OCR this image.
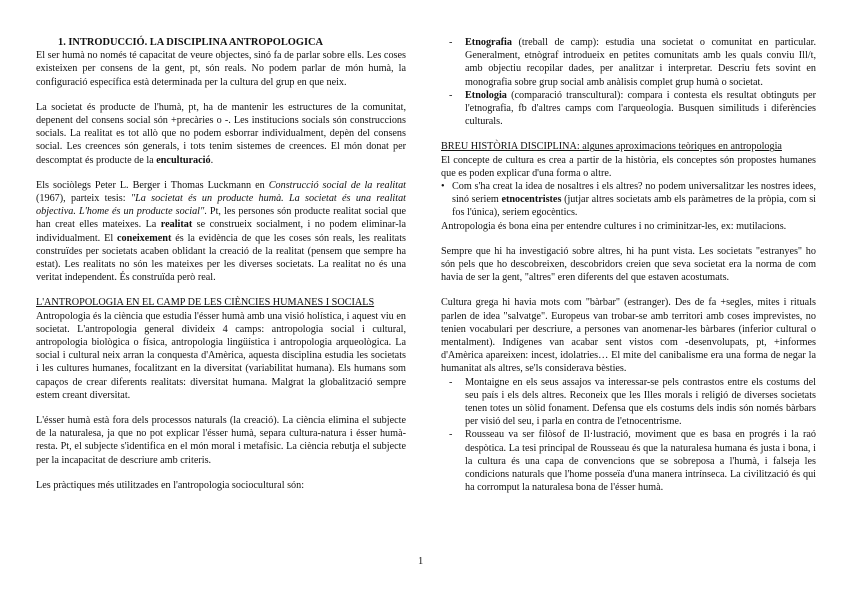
1. INTRODUCCIÓ. LA DISCIPLINA ANTROPOLOGICA

El ser humà no només té capacitat de veure objectes, sinó fa de parlar sobre ells. Les coses existeixen per consens de la gent, pt, són reals. No podem parlar de món humà, la configuració específica està determinada per la cultura del grup en que neix.

La societat és producte de l'humà, pt, ha de mantenir les estructures de la comunitat, depenent del consens social són +precàries o -. Les institucions socials són construccions socials. La realitat es tot allò que no podem esborrar individualment, depèn del consens social. Les creences són generals, i tots tenim sistemes de creences. El món donat per descomptat és producte de la enculturació.

Els sociòlegs Peter L. Berger i Thomas Luckmann en Construcció social de la realitat (1967), parteix tesis: "La societat és un producte humà. La societat és una realitat objectiva. L'home és un producte social". Pt, les persones són producte realitat social que han creat elles mateixes. La realitat se construeix socialment, i no podem eliminar-la individualment. El coneixement és la evidència de que les coses són reals, les realitats construïdes per societats acaben oblidant la creació de la realitat (pensem que sempre ha estat). Les realitats no són les mateixes per les diverses societats. La realitat no és una veritat independent. És construïda però real.

L'ANTROPOLOGIA EN EL CAMP DE LES CIÈNCIES HUMANES I SOCIALS

Antropologia és la ciència que estudia l'ésser humà amb una visió holística, i aquest viu en societat. L'antropologia general divideix 4 camps: antropologia social i cultural, antropologia biològica o física, antropologia lingüística i antropologia arqueològica. La social i cultural neix arran la conquesta d'Amèrica, aquesta disciplina estudia les societats i les cultures humanes, focalitzant en la diversitat (variabilitat humana). Els humans som capaços de crear diferents realitats: diversitat humana. Malgrat la globalització sempre estem creant diversitat.

L'ésser humà està fora dels processos naturals (la creació). La ciència elimina el subjecte de la naturalesa, ja que no pot explicar l'ésser humà, separa cultura-natura i ésser humà-resta. Pt, el subjecte s'identifica en el món moral i metafísic. La ciència rebutja el subjecte per la incapacitat de descriure amb criteris.

Les pràctiques més utilitzades en l'antropologia sociocultural són:

- Etnografia (treball de camp): estudia una societat o comunitat en particular. Generalment, etnògraf introdueix en petites comunitats amb les quals conviu Ill/t, amb objectiu recopilar dades, per analitzar i interpretar. Descriu fets sovint en monografia sobre grup social amb anàlisis complet grup humà o societat.
- Etnologia (comparació transcultural): compara i contesta els resultat obtinguts per l'etnografia, fb d'altres camps com l'arqueologia. Busquen similituds i diferències culturals.
BREU HISTÒRIA DISCIPLINA: algunes aproximacions teòriques en antropologia

El concepte de cultura es crea a partir de la història, els conceptes són propostes humanes que es poden explicar d'una forma o altre.

• Com s'ha creat la idea de nosaltres i els altres? no podem universalitzar les nostres idees, sinó seriem etnocentristes (jutjar altres societats amb els paràmetres de la pròpia, com si fos l'única), seriem egocèntics.

Antropologia és bona eina per entendre cultures i no criminitzar-les, ex: mutilacions.

Sempre que hi ha investigació sobre altres, hi ha punt vista. Les societats "estranyes" ho són pels que ho descobreixen, descobridors creien que seva societat era la norma de com havia de ser la gent, "altres" eren diferents del que estaven acostumats.

Cultura grega hi havia mots com "bàrbar" (estranger). Des de fa +segles, mites i rituals parlen de idea "salvatge". Europeus van trobar-se amb territori amb coses imprevistes, no tenien vocabulari per descriure, a persones van anomenar-les bàrbares (inferior cultural o mentalment). Indígenes van acabar sent vistos com -desenvolupats, pt, +informes d'Amèrica apareixen: incest, idolatries… El mite del canibalisme era una forma de negar la humanitat als altres, se'ls considerava bèsties.

- Montaigne en els seus assajos va interessar-se pels contrastos entre els costums del seu país i els dels altres. Reconeix que les Illes morals i religió de diverses societats tenen totes un sòlid fonament. Defensa que els costums dels indis són només bàrbars per visió del seu, i parla en contra de l'etnocentrisme.
- Rousseau va ser filòsof de Il·lustració, moviment que es basa en progrés i la raó despòtica. La tesi principal de Rousseau és que la naturalesa humana és justa i bona, i la cultura és una capa de convencions que se sobreposa a l'humà, i falseja les condicions naturals que l'home posseïa d'una manera intrínseca. La civilització és qui ha corromput la naturalesa bona de l'ésser humà.
1
